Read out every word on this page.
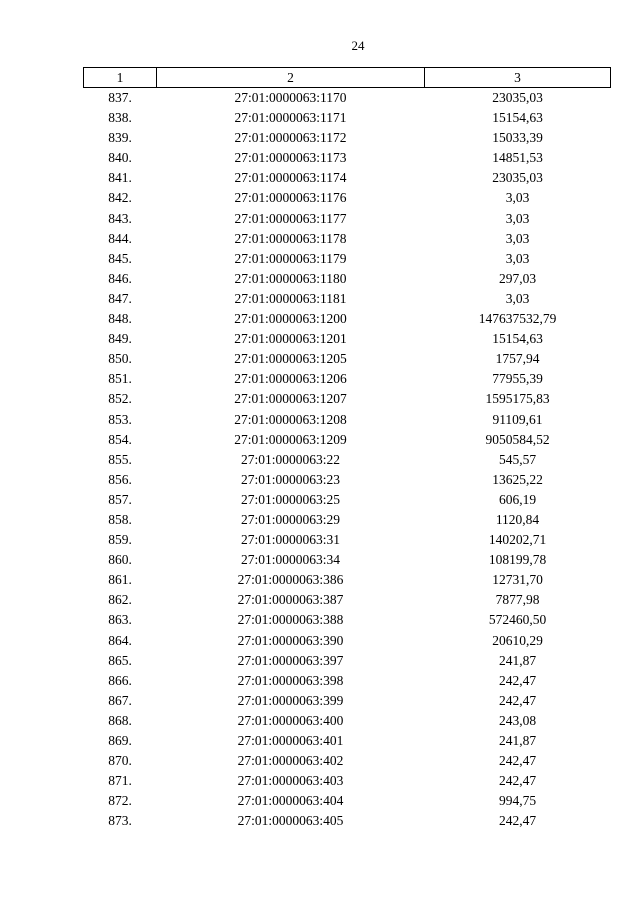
24
1	2	3
837.	27:01:0000063:1170	23035,03
838.	27:01:0000063:1171	15154,63
839.	27:01:0000063:1172	15033,39
840.	27:01:0000063:1173	14851,53
841.	27:01:0000063:1174	23035,03
842.	27:01:0000063:1176	3,03
843.	27:01:0000063:1177	3,03
844.	27:01:0000063:1178	3,03
845.	27:01:0000063:1179	3,03
846.	27:01:0000063:1180	297,03
847.	27:01:0000063:1181	3,03
848.	27:01:0000063:1200	147637532,79
849.	27:01:0000063:1201	15154,63
850.	27:01:0000063:1205	1757,94
851.	27:01:0000063:1206	77955,39
852.	27:01:0000063:1207	1595175,83
853.	27:01:0000063:1208	91109,61
854.	27:01:0000063:1209	9050584,52
855.	27:01:0000063:22	545,57
856.	27:01:0000063:23	13625,22
857.	27:01:0000063:25	606,19
858.	27:01:0000063:29	1120,84
859.	27:01:0000063:31	140202,71
860.	27:01:0000063:34	108199,78
861.	27:01:0000063:386	12731,70
862.	27:01:0000063:387	7877,98
863.	27:01:0000063:388	572460,50
864.	27:01:0000063:390	20610,29
865.	27:01:0000063:397	241,87
866.	27:01:0000063:398	242,47
867.	27:01:0000063:399	242,47
868.	27:01:0000063:400	243,08
869.	27:01:0000063:401	241,87
870.	27:01:0000063:402	242,47
871.	27:01:0000063:403	242,47
872.	27:01:0000063:404	994,75
873.	27:01:0000063:405	242,47
